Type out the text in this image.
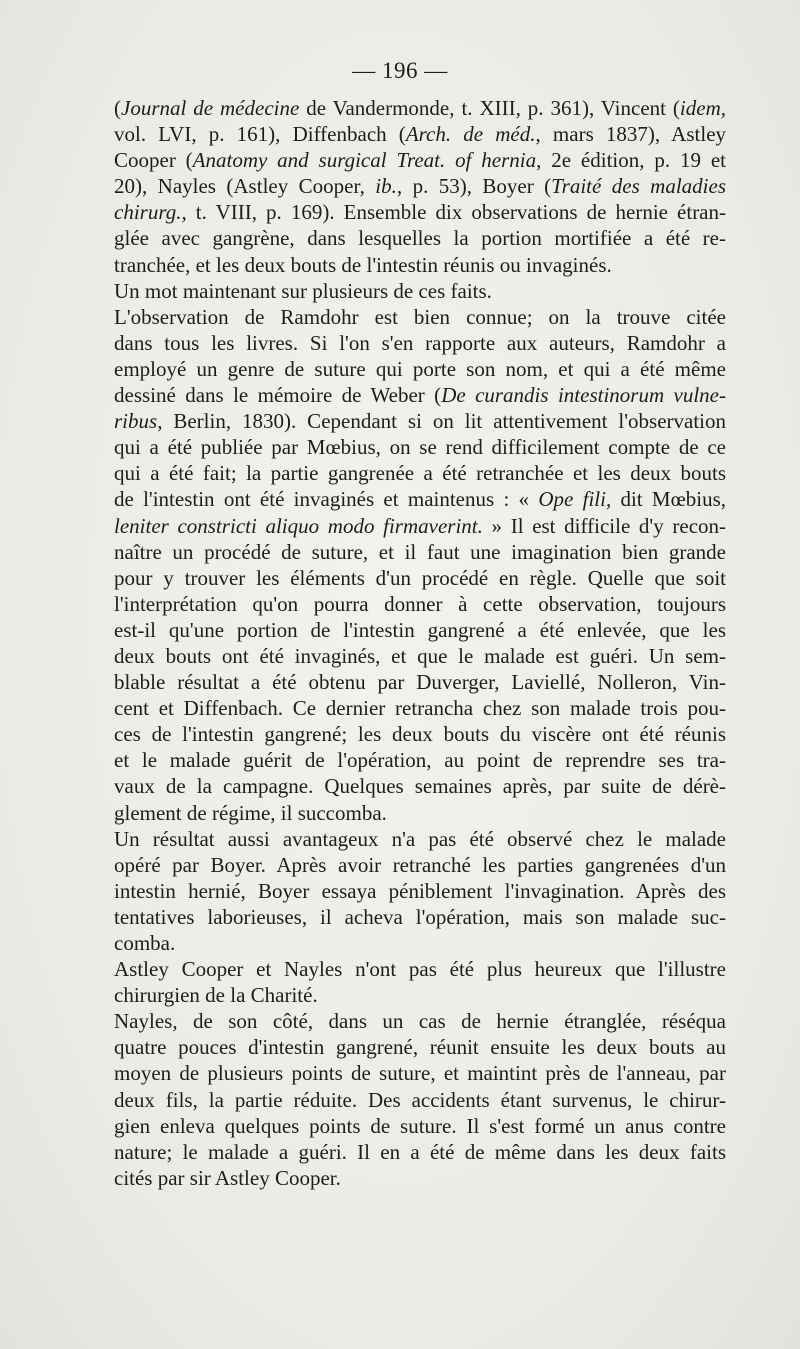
— 196 —
(Journal de médecine de Vandermonde, t. XIII, p. 361), Vincent (idem,
vol. LVI, p. 161), Diffenbach (Arch. de méd., mars 1837), Astley
Cooper (Anatomy and surgical Treat. of hernia, 2e édition, p. 19 et
20), Nayles (Astley Cooper, ib., p. 53), Boyer (Traité des maladies
chirurg., t. VIII, p. 169). Ensemble dix observations de hernie étran-
glée avec gangrène, dans lesquelles la portion mortifiée a été re-
tranchée, et les deux bouts de l'intestin réunis ou invaginés.
Un mot maintenant sur plusieurs de ces faits.
L'observation de Ramdohr est bien connue; on la trouve citée
dans tous les livres. Si l'on s'en rapporte aux auteurs, Ramdohr a
employé un genre de suture qui porte son nom, et qui a été même
dessiné dans le mémoire de Weber (De curandis intestinorum vulne-
ribus, Berlin, 1830). Cependant si on lit attentivement l'observation
qui a été publiée par Mœbius, on se rend difficilement compte de ce
qui a été fait; la partie gangrenée a été retranchée et les deux bouts
de l'intestin ont été invaginés et maintenus : « Ope fili, dit Mœbius,
leniter constricti aliquo modo firmaverint. » Il est difficile d'y recon-
naître un procédé de suture, et il faut une imagination bien grande
pour y trouver les éléments d'un procédé en règle. Quelle que soit
l'interprétation qu'on pourra donner à cette observation, toujours
est-il qu'une portion de l'intestin gangrené a été enlevée, que les
deux bouts ont été invaginés, et que le malade est guéri. Un sem-
blable résultat a été obtenu par Duverger, Laviellé, Nolleron, Vin-
cent et Diffenbach. Ce dernier retrancha chez son malade trois pou-
ces de l'intestin gangrené; les deux bouts du viscère ont été réunis
et le malade guérit de l'opération, au point de reprendre ses tra-
vaux de la campagne. Quelques semaines après, par suite de dérè-
glement de régime, il succomba.
Un résultat aussi avantageux n'a pas été observé chez le malade
opéré par Boyer. Après avoir retranché les parties gangrenées d'un
intestin hernié, Boyer essaya péniblement l'invagination. Après des
tentatives laborieuses, il acheva l'opération, mais son malade suc-
comba.
Astley Cooper et Nayles n'ont pas été plus heureux que l'illustre
chirurgien de la Charité.
Nayles, de son côté, dans un cas de hernie étranglée, réséqua
quatre pouces d'intestin gangrené, réunit ensuite les deux bouts au
moyen de plusieurs points de suture, et maintint près de l'anneau, par
deux fils, la partie réduite. Des accidents étant survenus, le chirur-
gien enleva quelques points de suture. Il s'est formé un anus contre
nature; le malade a guéri. Il en a été de même dans les deux faits
cités par sir Astley Cooper.
